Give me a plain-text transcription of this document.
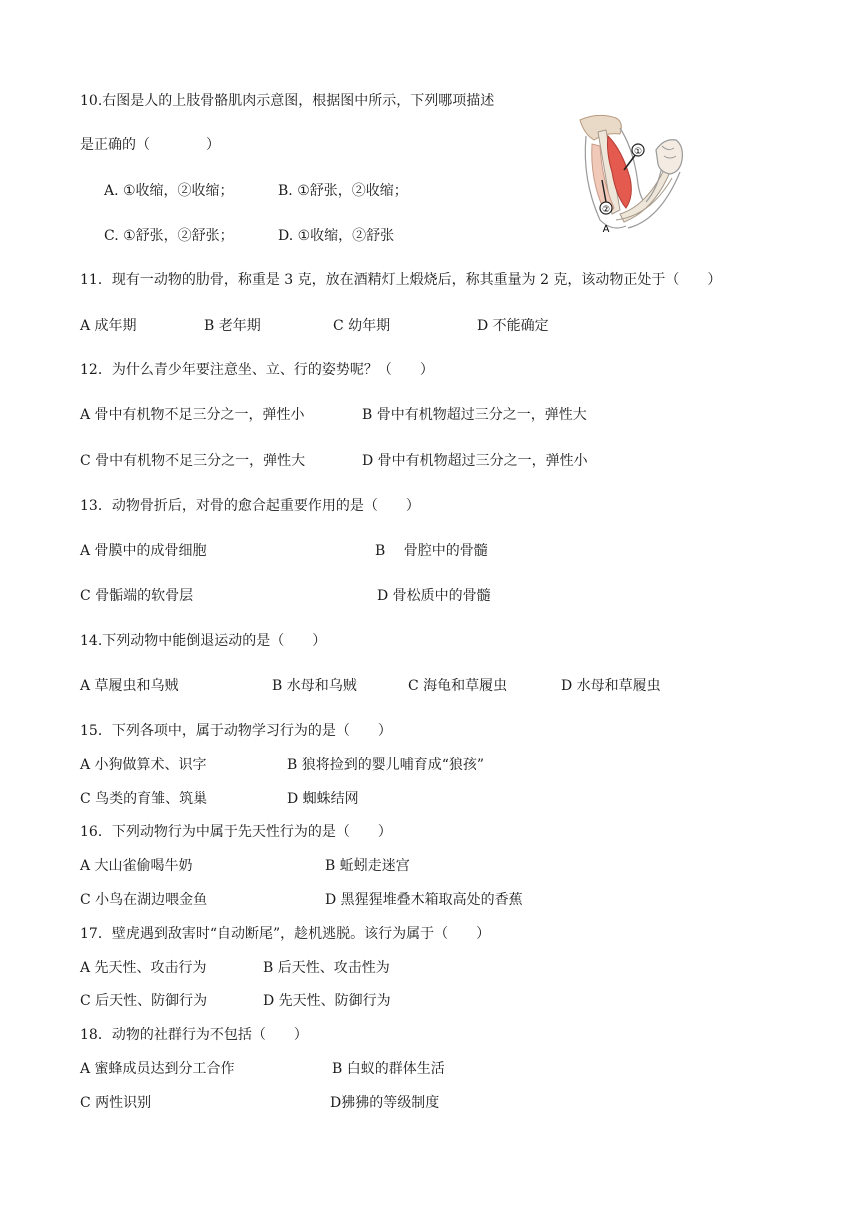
10.右图是人的上肢骨骼肌肉示意图，根据图中所示，下列哪项描述
是正确的（　　　　）
A. ①收缩，②收缩；	B. ①舒张，②收缩；
C. ①舒张，②舒张；	D. ①收缩，②舒张
①
②
A
11．现有一动物的肋骨，称重是 3 克，放在酒精灯上煅烧后，称其重量为 2 克，该动物正处于（　　）
A 成年期	B 老年期	C 幼年期	D 不能确定
12．为什么青少年要注意坐、立、行的姿势呢？（　　）
A 骨中有机物不足三分之一，弹性小	B 骨中有机物超过三分之一，弹性大
C 骨中有机物不足三分之一，弹性大	D 骨中有机物超过三分之一，弹性小
13．动物骨折后，对骨的愈合起重要作用的是（　　）
A 骨膜中的成骨细胞	B　 骨腔中的骨髓
C 骨骺端的软骨层	D 骨松质中的骨髓
14.下列动物中能倒退运动的是（　　）
A 草履虫和乌贼	B 水母和乌贼	C 海龟和草履虫	D 水母和草履虫
15．下列各项中，属于动物学习行为的是（　　）
A 小狗做算术、识字	B 狼将捡到的婴儿哺育成“狼孩”
C 鸟类的育雏、筑巢	D 蜘蛛结网
16．下列动物行为中属于先天性行为的是（　　）
A 大山雀偷喝牛奶	B 蚯蚓走迷宫
C 小鸟在湖边喂金鱼	D 黑猩猩堆叠木箱取高处的香蕉
17．壁虎遇到敌害时“自动断尾”，趁机逃脱。该行为属于（　　）
A 先天性、攻击行为	B 后天性、攻击性为
C 后天性、防御行为	D 先天性、防御行为
18．动物的社群行为不包括（　　）
A 蜜蜂成员达到分工合作	B 白蚁的群体生活
C 两性识别	D狒狒的等级制度
